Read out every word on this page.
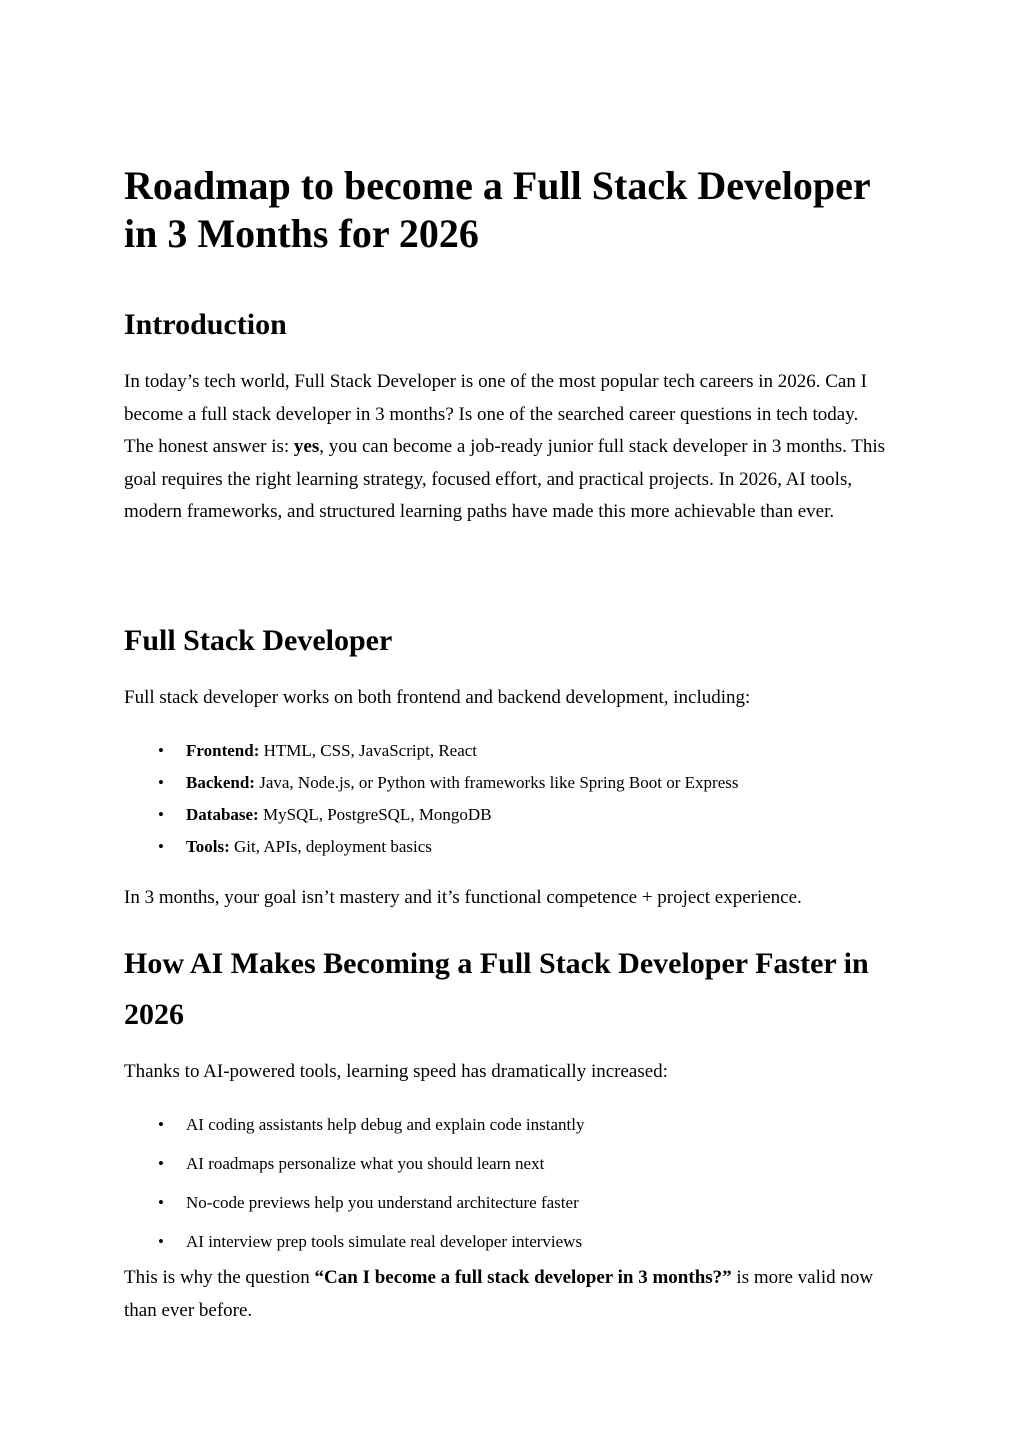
Roadmap to become a Full Stack Developer in 3 Months for 2026
Introduction

In today’s tech world, Full Stack Developer is one of the most popular tech careers in 2026. Can I become a full stack developer in 3 months? Is one of the searched career questions in tech today.

The honest answer is: yes, you can become a job-ready junior full stack developer in 3 months. This goal requires the right learning strategy, focused effort, and practical projects. In 2026, AI tools, modern frameworks, and structured learning paths have made this more achievable than ever.

Full Stack Developer

Full stack developer works on both frontend and backend development, including:

• Frontend: HTML, CSS, JavaScript, React
• Backend: Java, Node.js, or Python with frameworks like Spring Boot or Express
• Database: MySQL, PostgreSQL, MongoDB
• Tools: Git, APIs, deployment basics

In 3 months, your goal isn’t mastery and it’s functional competence + project experience.

How AI Makes Becoming a Full Stack Developer Faster in 2026

Thanks to AI-powered tools, learning speed has dramatically increased:

• AI coding assistants help debug and explain code instantly
• AI roadmaps personalize what you should learn next
• No-code previews help you understand architecture faster
• AI interview prep tools simulate real developer interviews

This is why the question “Can I become a full stack developer in 3 months?” is more valid now than ever before.
